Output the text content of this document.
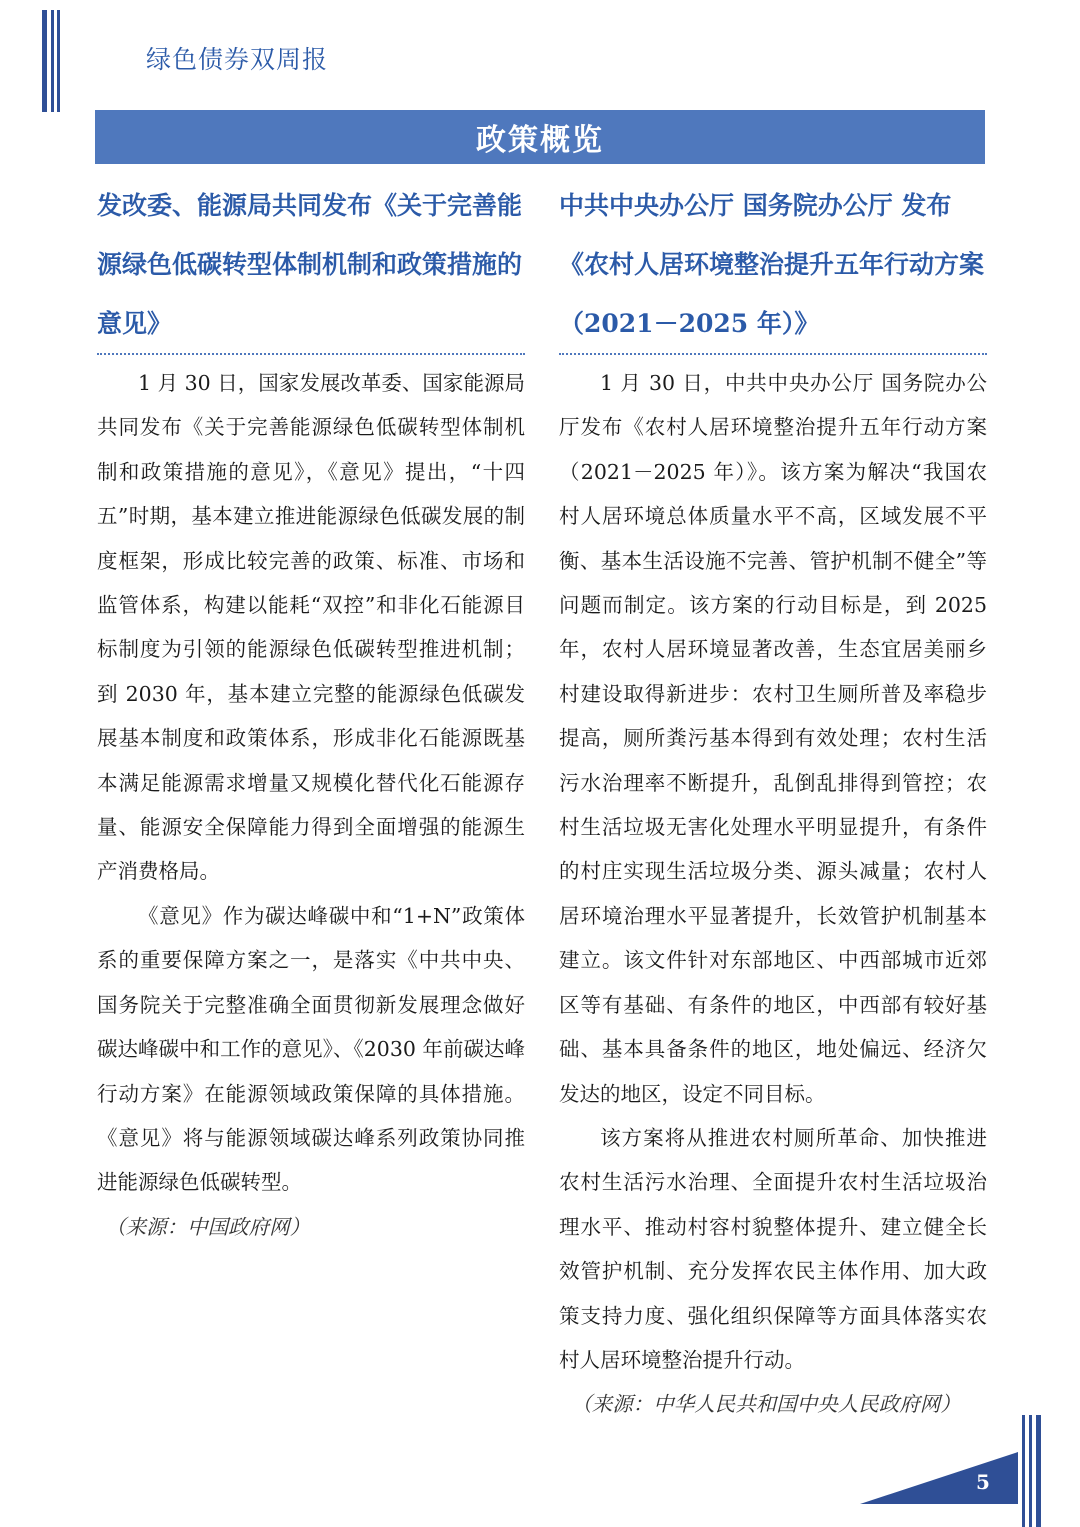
绿色债券双周报
政策概览
发改委、能源局共同发布《关于完善能源绿色低碳转型体制机制和政策措施的意见》

1 月 30 日，国家发展改革委、国家能源局共同发布《关于完善能源绿色低碳转型体制机制和政策措施的意见》，《意见》提出，“十四五”时期，基本建立推进能源绿色低碳发展的制度框架，形成比较完善的政策、标准、市场和监管体系，构建以能耗“双控”和非化石能源目标制度为引领的能源绿色低碳转型推进机制；到 2030 年，基本建立完整的能源绿色低碳发展基本制度和政策体系，形成非化石能源既基本满足能源需求增量又规模化替代化石能源存量、能源安全保障能力得到全面增强的能源生产消费格局。

《意见》作为碳达峰碳中和“1+N”政策体系的重要保障方案之一，是落实《中共中央、国务院关于完整准确全面贯彻新发展理念做好碳达峰碳中和工作的意见》、《2030 年前碳达峰行动方案》在能源领域政策保障的具体措施。《意见》将与能源领域碳达峰系列政策协同推进能源绿色低碳转型。

（来源：中国政府网）

中共中央办公厅 国务院办公厅 发布《农村人居环境整治提升五年行动方案（2021－2025 年）》

1 月 30 日，中共中央办公厅 国务院办公厅发布《农村人居环境整治提升五年行动方案（2021－2025 年）》。该方案为解决“我国农村人居环境总体质量水平不高，区域发展不平衡、基本生活设施不完善、管护机制不健全”等问题而制定。该方案的行动目标是，到 2025 年，农村人居环境显著改善，生态宜居美丽乡村建设取得新进步：农村卫生厕所普及率稳步提高，厕所粪污基本得到有效处理；农村生活污水治理率不断提升，乱倒乱排得到管控；农村生活垃圾无害化处理水平明显提升，有条件的村庄实现生活垃圾分类、源头减量；农村人居环境治理水平显著提升，长效管护机制基本建立。该文件针对东部地区、中西部城市近郊区等有基础、有条件的地区，中西部有较好基础、基本具备条件的地区，地处偏远、经济欠发达的地区，设定不同目标。

该方案将从推进农村厕所革命、加快推进农村生活污水治理、全面提升农村生活垃圾治理水平、推动村容村貌整体提升、建立健全长效管护机制、充分发挥农民主体作用、加大政策支持力度、强化组织保障等方面具体落实农村人居环境整治提升行动。

（来源：中华人民共和国中央人民政府网）

5
